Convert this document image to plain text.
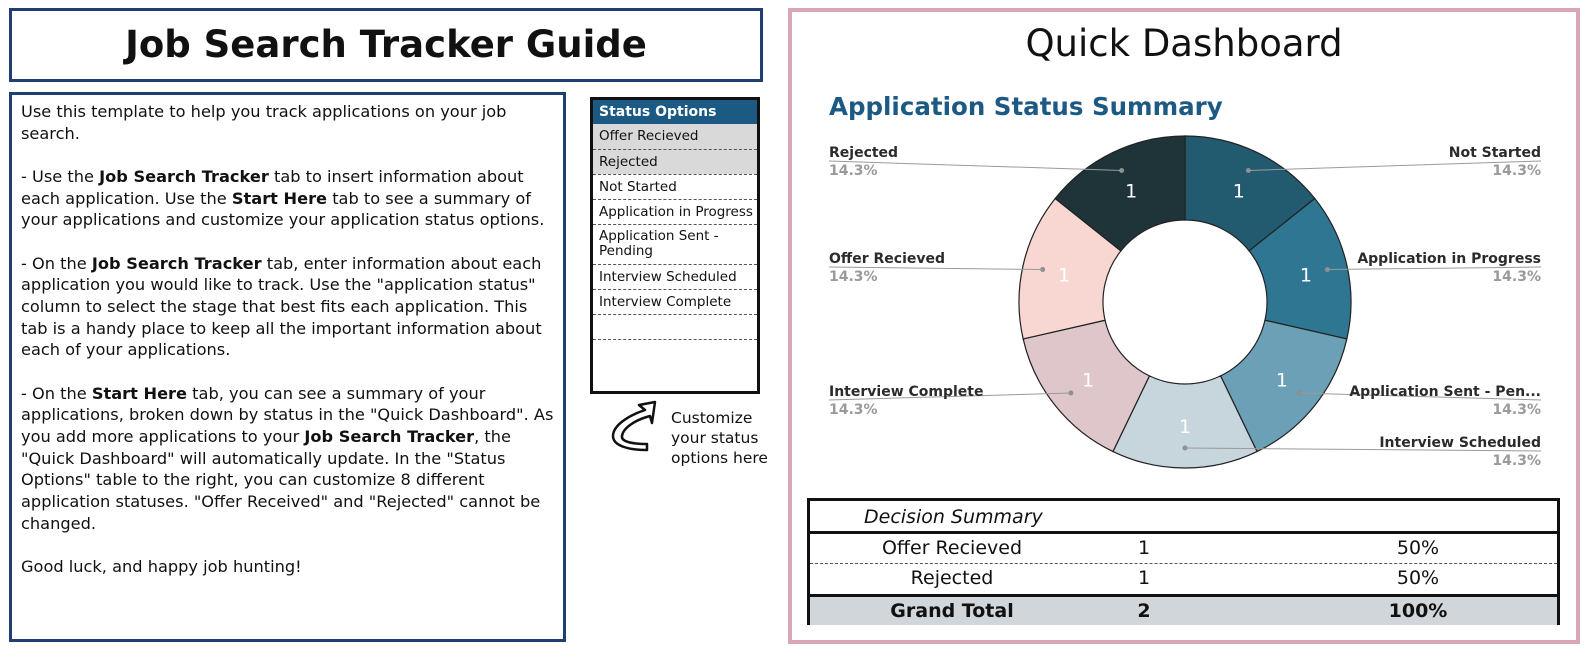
Job Search Tracker Guide

Use this template to help you track applications on your job search.

- Use the Job Search Tracker tab to insert information about each application. Use the Start Here tab to see a summary of your applications and customize your application status options.

- On the Job Search Tracker tab, enter information about each application you would like to track. Use the "application status" column to select the stage that best fits each application. This tab is a handy place to keep all the important information about each of your applications.

- On the Start Here tab, you can see a summary of your applications, broken down by status in the "Quick Dashboard". As you add more applications to your Job Search Tracker, the "Quick Dashboard" will automatically update. In the "Status Options" table to the right, you can customize 8 different application statuses. "Offer Received" and "Rejected" cannot be changed.

Good luck, and happy job hunting!

Status Options
Offer Recieved
Rejected
Not Started
Application in Progress
Application Sent - Pending
Interview Scheduled
Interview Complete
Customize your status options here
Quick Dashboard
Application Status Summary
1
1
1
1
1
1
1
Not Started
14.3%
Application in Progress
14.3%
Application Sent - Pen...
14.3%
Interview Scheduled
14.3%
Interview Complete
14.3%
Offer Recieved
14.3%
Rejected
14.3%
Decision Summary
Offer Recieved	1	50%
Rejected	1	50%
Grand Total	2	100%
